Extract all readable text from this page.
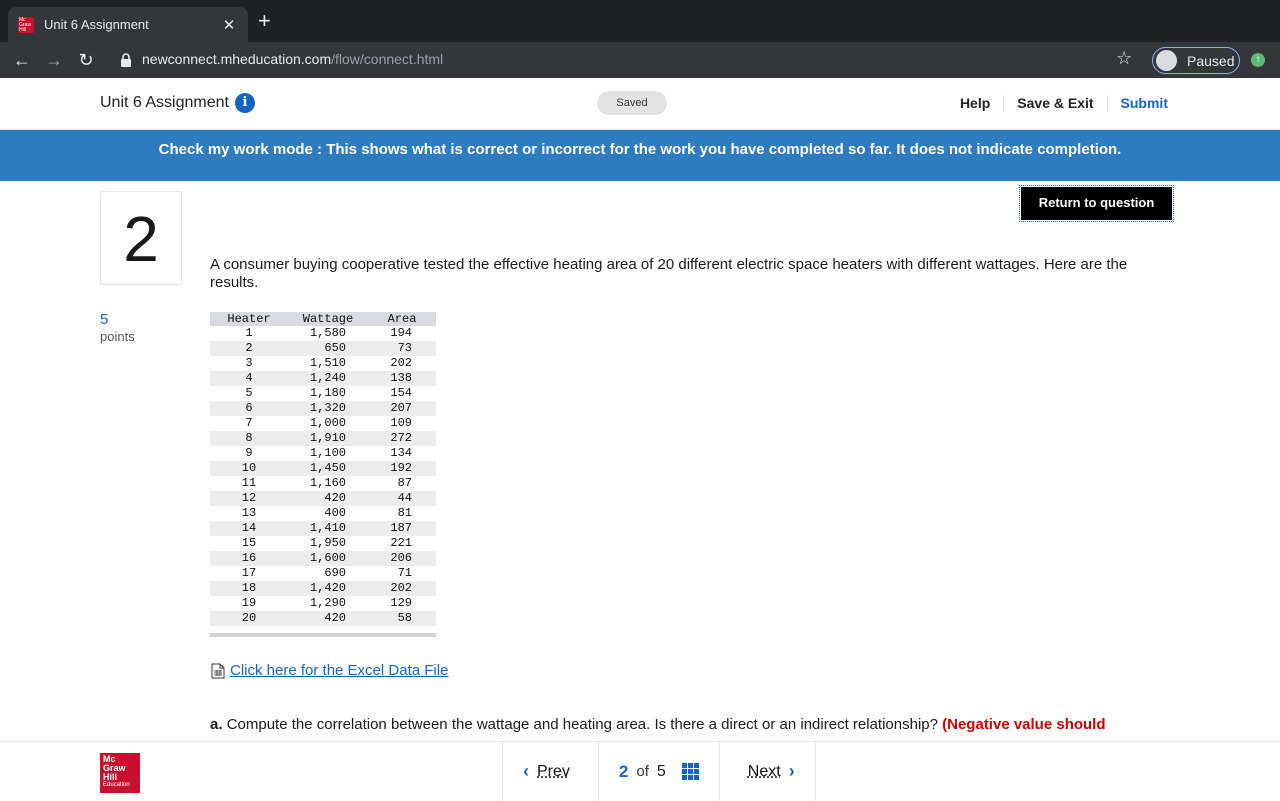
Mc Graw Hill	Unit 6 Assignment	✕ +
← → ↻	newconnect.mheducation.com/flow/connect.html	☆	Paused	↑
Unit 6 Assignment	i	Saved	Help	Save & Exit	Submit
Check my work mode : This shows what is correct or incorrect for the work you have completed so far. It does not indicate completion.
2
5
points
Return to question
A consumer buying cooperative tested the effective heating area of 20 different electric space heaters with different wattages. Here are the results.
Heater	Wattage	Area
1	1,580	194
2	650	73
3	1,510	202
4	1,240	138
5	1,180	154
6	1,320	207
7	1,000	109
8	1,910	272
9	1,100	134
10	1,450	192
11	1,160	87
12	420	44
13	400	81
14	1,410	187
15	1,950	221
16	1,600	206
17	690	71
18	1,420	202
19	1,290	129
20	420	58
Click here for the Excel Data File
a. Compute the correlation between the wattage and heating area. Is there a direct or an indirect relationship? (Negative value should
Mc
Graw
Hill
Education
‹ Prev	2 of 5	Next ›
